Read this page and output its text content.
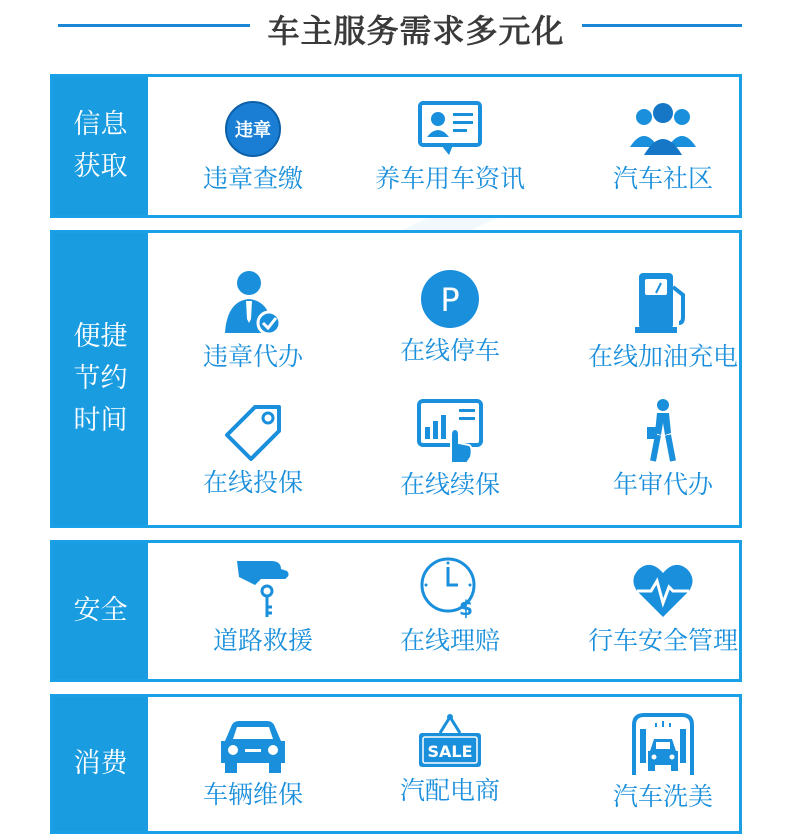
车主服务需求多元化
信息获取
违章
违章查缴	养车用车资讯	汽车社区
便捷节约时间
违章代办
P
在线停车	在线加油充电
在线投保	在线续保	年审代办
安全
道路救援
$
在线理赔	行车安全管理
消费
车辆维保
SALE
汽配电商	汽车洗美
